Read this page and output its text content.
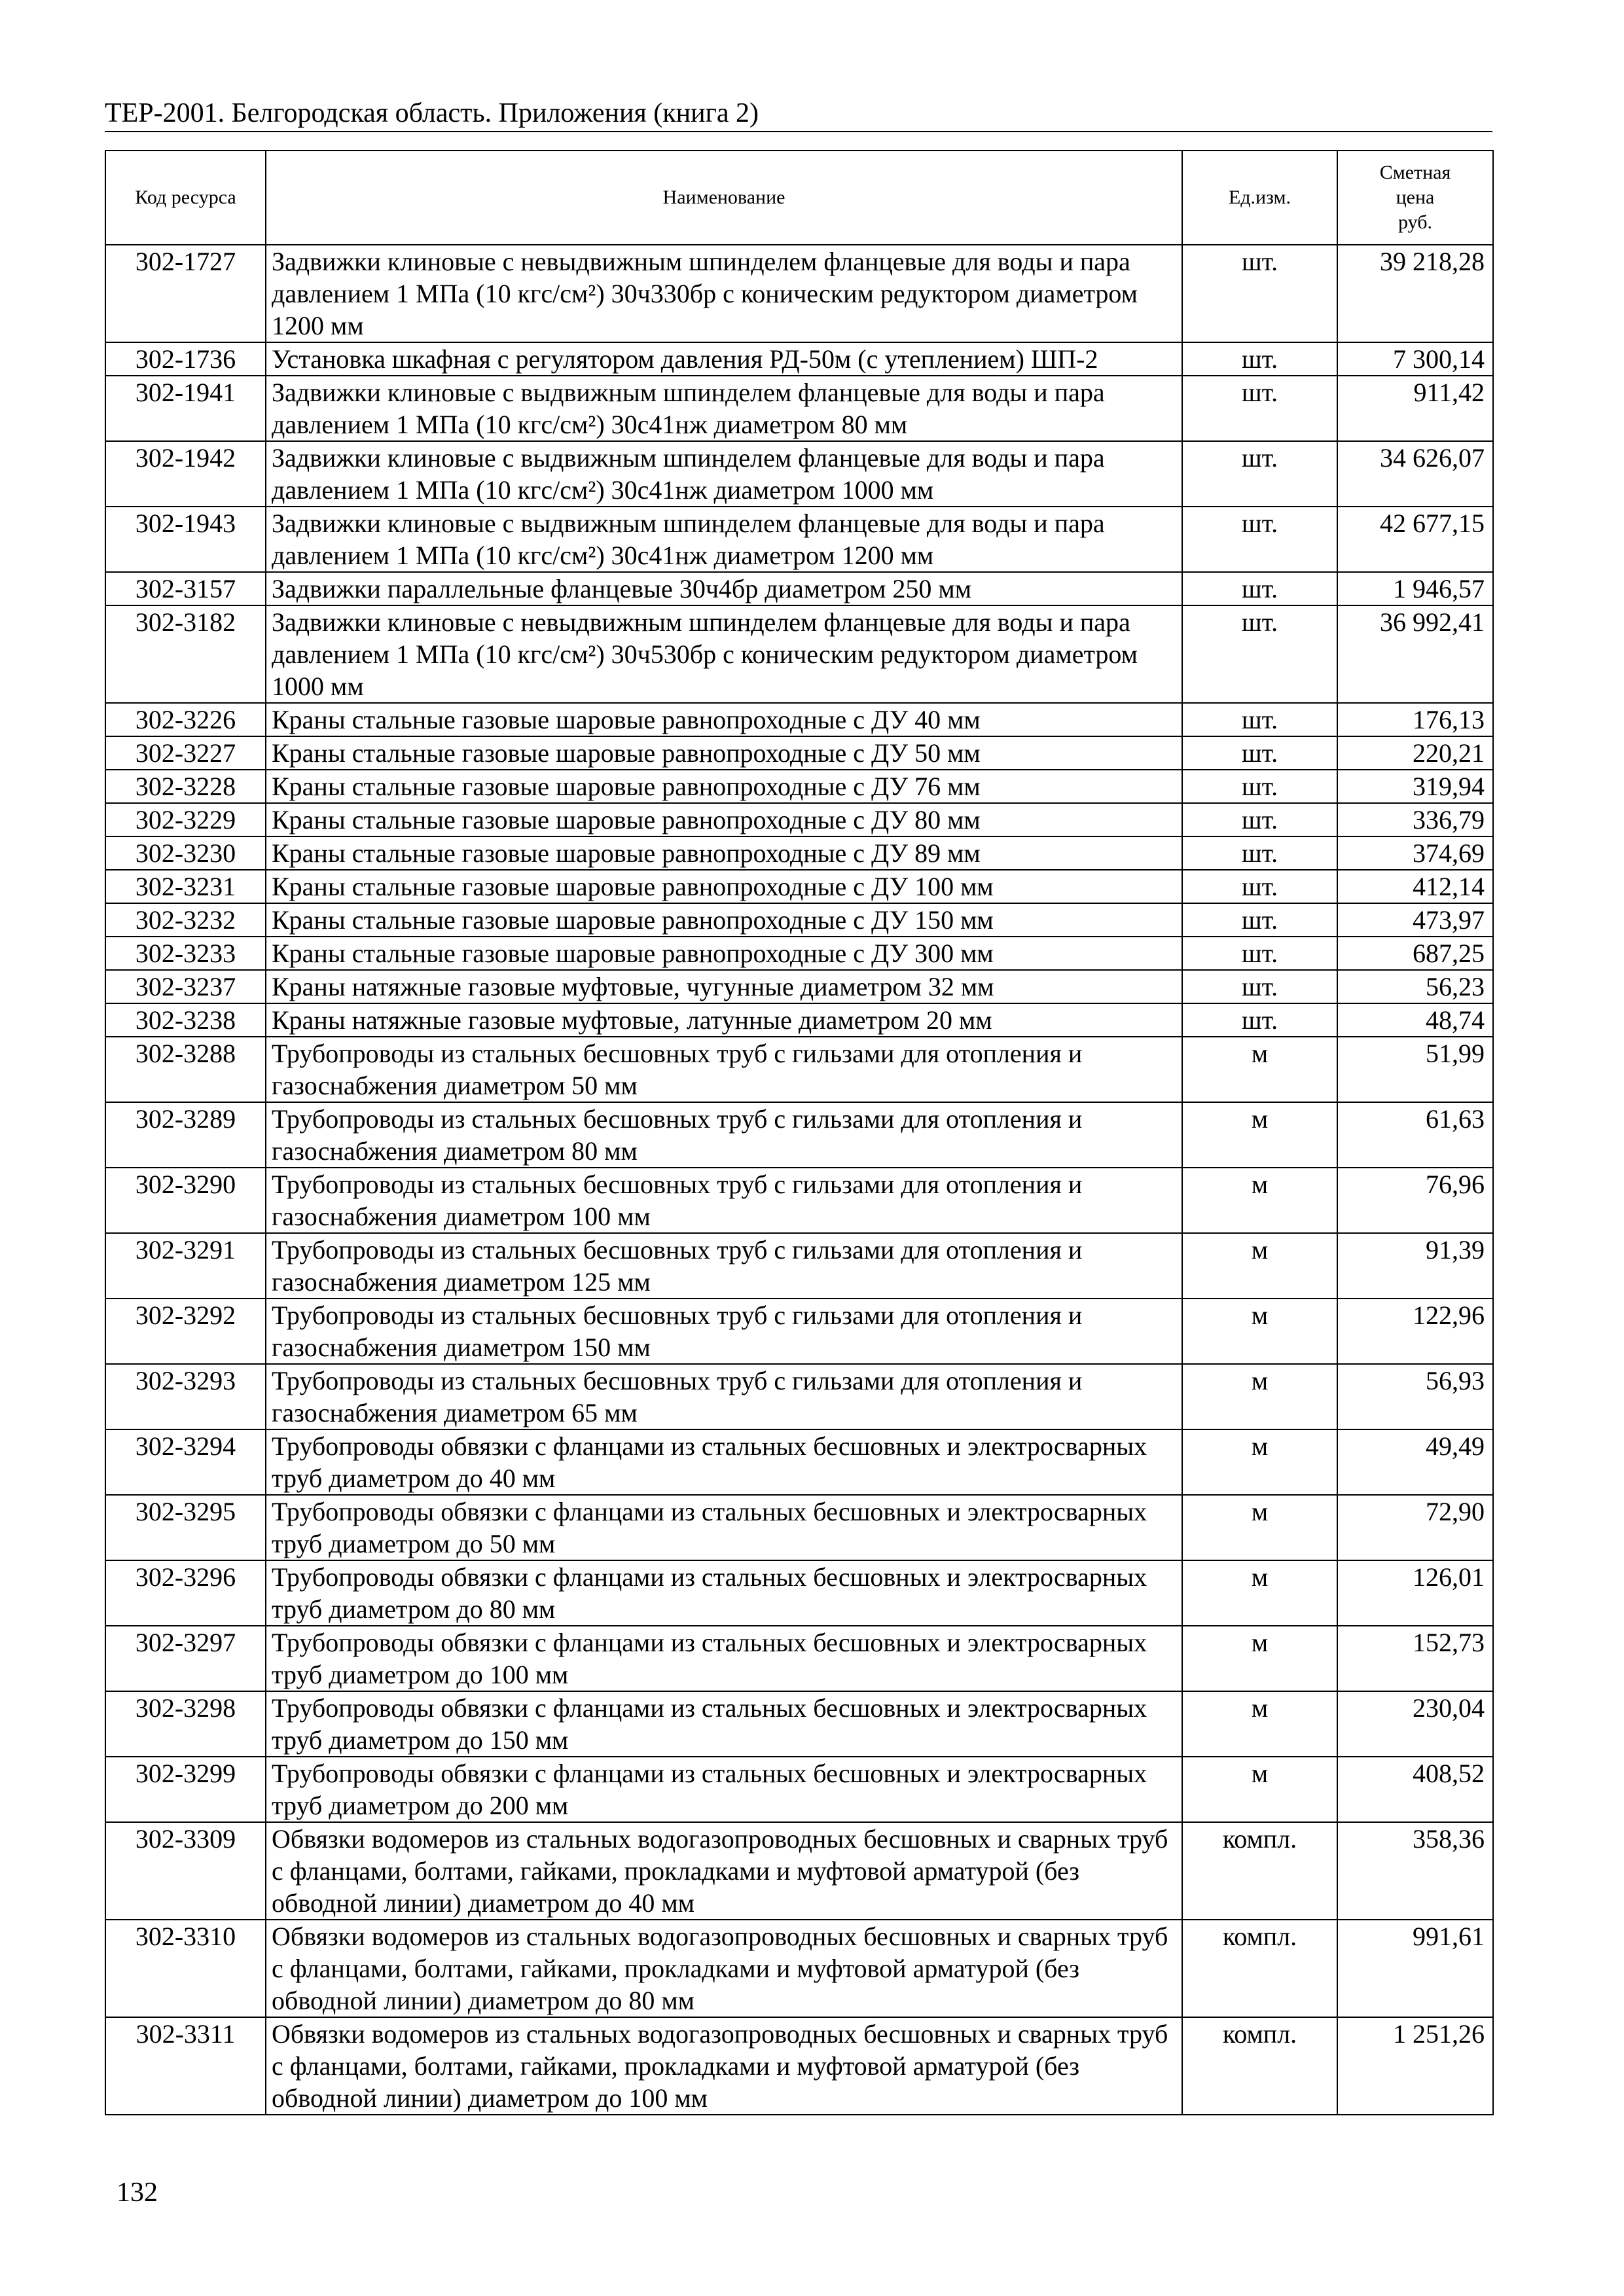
ТЕР-2001. Белгородская область. Приложения (книга 2)
Код ресурса	Наименование	Ед.изм.	Сметная
цена
руб.

302-1727	Задвижки клиновые с невыдвижным шпинделем фланцевые для воды и пара давлением 1 МПа (10 кгс/см²) 30ч330бр с коническим редуктором диаметром 1200 мм	шт.	39 218,28
302-1736	Установка шкафная с регулятором давления РД-50м (с утеплением) ШП-2	шт.	7 300,14
302-1941	Задвижки клиновые с выдвижным шпинделем фланцевые для воды и пара давлением 1 МПа (10 кгс/см²) 30с41нж диаметром 80 мм	шт.	911,42
302-1942	Задвижки клиновые с выдвижным шпинделем фланцевые для воды и пара давлением 1 МПа (10 кгс/см²) 30с41нж диаметром 1000 мм	шт.	34 626,07
302-1943	Задвижки клиновые с выдвижным шпинделем фланцевые для воды и пара давлением 1 МПа (10 кгс/см²) 30с41нж диаметром 1200 мм	шт.	42 677,15
302-3157	Задвижки параллельные фланцевые 30ч4бр диаметром 250 мм	шт.	1 946,57
302-3182	Задвижки клиновые с невыдвижным шпинделем фланцевые для воды и пара давлением 1 МПа (10 кгс/см²) 30ч530бр с коническим редуктором диаметром 1000 мм	шт.	36 992,41
302-3226	Краны стальные газовые шаровые равнопроходные с ДУ 40 мм	шт.	176,13
302-3227	Краны стальные газовые шаровые равнопроходные с ДУ 50 мм	шт.	220,21
302-3228	Краны стальные газовые шаровые равнопроходные с ДУ 76 мм	шт.	319,94
302-3229	Краны стальные газовые шаровые равнопроходные с ДУ 80 мм	шт.	336,79
302-3230	Краны стальные газовые шаровые равнопроходные с ДУ 89 мм	шт.	374,69
302-3231	Краны стальные газовые шаровые равнопроходные с ДУ 100 мм	шт.	412,14
302-3232	Краны стальные газовые шаровые равнопроходные с ДУ 150 мм	шт.	473,97
302-3233	Краны стальные газовые шаровые равнопроходные с ДУ 300 мм	шт.	687,25
302-3237	Краны натяжные газовые муфтовые, чугунные диаметром 32 мм	шт.	56,23
302-3238	Краны натяжные газовые муфтовые, латунные диаметром 20 мм	шт.	48,74
302-3288	Трубопроводы из стальных бесшовных труб с гильзами для отопления и газоснабжения диаметром 50 мм	м	51,99
302-3289	Трубопроводы из стальных бесшовных труб с гильзами для отопления и газоснабжения диаметром 80 мм	м	61,63
302-3290	Трубопроводы из стальных бесшовных труб с гильзами для отопления и газоснабжения диаметром 100 мм	м	76,96
302-3291	Трубопроводы из стальных бесшовных труб с гильзами для отопления и газоснабжения диаметром 125 мм	м	91,39
302-3292	Трубопроводы из стальных бесшовных труб с гильзами для отопления и газоснабжения диаметром 150 мм	м	122,96
302-3293	Трубопроводы из стальных бесшовных труб с гильзами для отопления и газоснабжения диаметром 65 мм	м	56,93
302-3294	Трубопроводы обвязки с фланцами из стальных бесшовных и электросварных труб диаметром до 40 мм	м	49,49
302-3295	Трубопроводы обвязки с фланцами из стальных бесшовных и электросварных труб диаметром до 50 мм	м	72,90
302-3296	Трубопроводы обвязки с фланцами из стальных бесшовных и электросварных труб диаметром до 80 мм	м	126,01
302-3297	Трубопроводы обвязки с фланцами из стальных бесшовных и электросварных труб диаметром до 100 мм	м	152,73
302-3298	Трубопроводы обвязки с фланцами из стальных бесшовных и электросварных труб диаметром до 150 мм	м	230,04
302-3299	Трубопроводы обвязки с фланцами из стальных бесшовных и электросварных труб диаметром до 200 мм	м	408,52
302-3309	Обвязки водомеров из стальных водогазопроводных бесшовных и сварных труб с фланцами, болтами, гайками, прокладками и муфтовой арматурой (без обводной линии) диаметром до 40 мм	компл.	358,36
302-3310	Обвязки водомеров из стальных водогазопроводных бесшовных и сварных труб с фланцами, болтами, гайками, прокладками и муфтовой арматурой (без обводной линии) диаметром до 80 мм	компл.	991,61
302-3311	Обвязки водомеров из стальных водогазопроводных бесшовных и сварных труб с фланцами, болтами, гайками, прокладками и муфтовой арматурой (без обводной линии) диаметром до 100 мм	компл.	1 251,26
132
